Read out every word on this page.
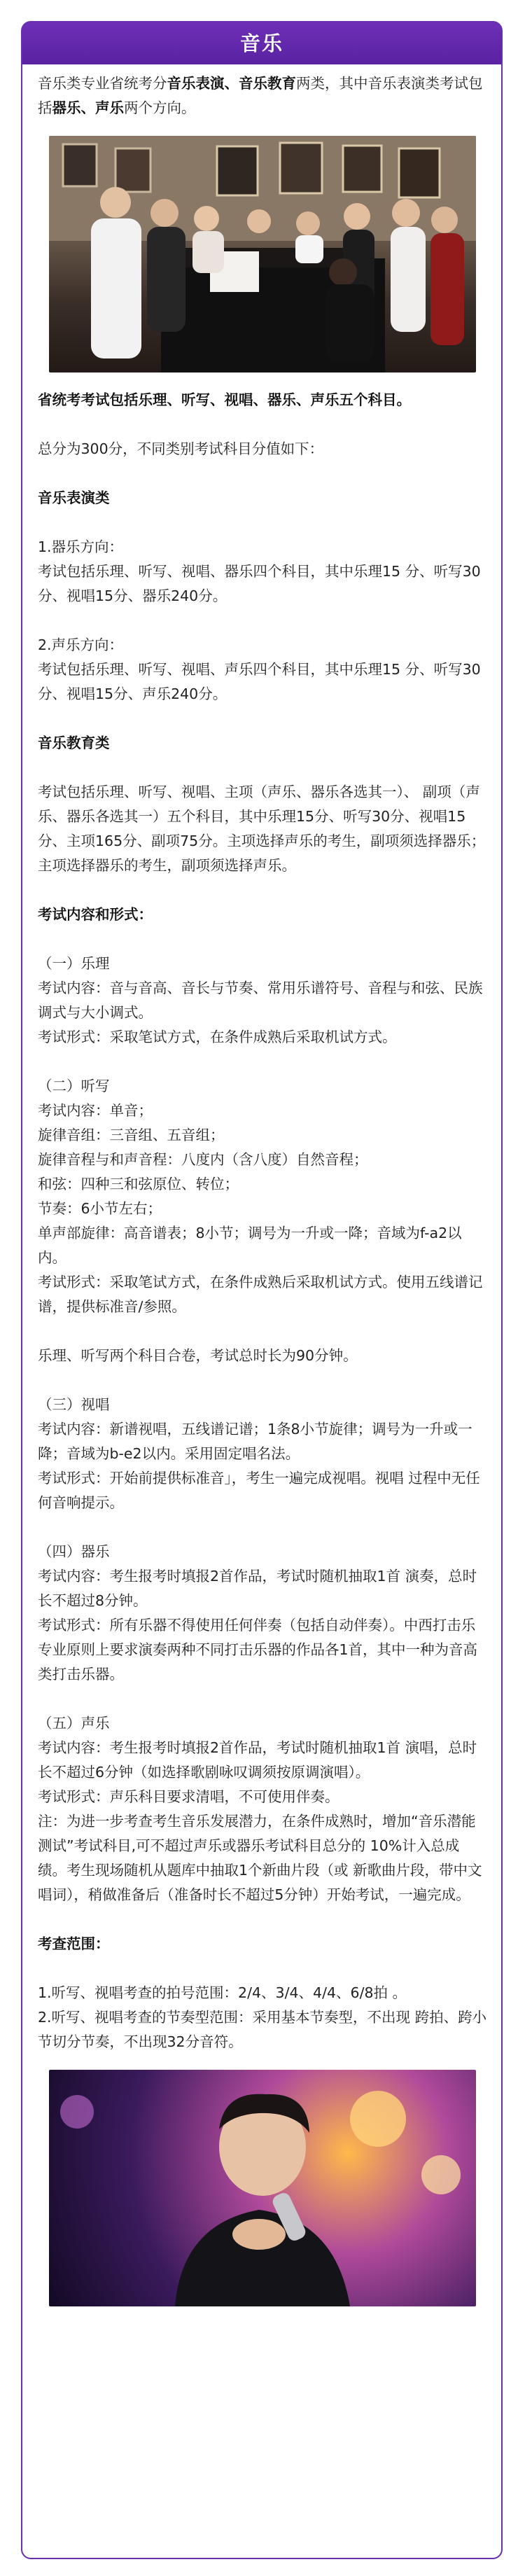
音乐

音乐类专业省统考分音乐表演、音乐教育两类，其中音乐表演类考试包括器乐、声乐两个方向。

省统考考试包括乐理、听写、视唱、器乐、声乐五个科目。

总分为300分，不同类别考试科目分值如下：

音乐表演类

1.器乐方向：

考试包括乐理、听写、视唱、器乐四个科目，其中乐理15 分、听写30分、视唱15分、器乐240分。

2.声乐方向：

考试包括乐理、听写、视唱、声乐四个科目，其中乐理15 分、听写30分、视唱15分、声乐240分。

音乐教育类

考试包括乐理、听写、视唱、主项（声乐、器乐各选其一）、 副项（声乐、器乐各选其一）五个科目，其中乐理15分、听写30分、视唱15分、主项165分、副项75分。主项选择声乐的考生，副项须选择器乐；主项选择器乐的考生，副项须选择声乐。

考试内容和形式：

（一）乐理

考试内容：音与音高、音长与节奏、常用乐谱符号、音程与和弦、民族调式与大小调式。

考试形式：采取笔试方式，在条件成熟后采取机试方式。

（二）听写

考试内容：单音；

旋律音组：三音组、五音组；

旋律音程与和声音程：八度内（含八度）自然音程；

和弦：四种三和弦原位、转位；

节奏：6小节左右；

单声部旋律：高音谱表；8小节；调号为一升或一降；音域为f-a2以内。

考试形式：采取笔试方式，在条件成熟后采取机试方式。使用五线谱记谱，提供标准音/参照。

乐理、听写两个科目合卷，考试总时长为90分钟。

（三）视唱

考试内容：新谱视唱，五线谱记谱；1条8小节旋律；调号为一升或一降；音域为b-e2以内。采用固定唱名法。

考试形式：开始前提供标准音」，考生一遍完成视唱。视唱 过程中无任何音响提示。

（四）器乐

考试内容：考生报考时填报2首作品，考试时随机抽取1首 演奏，总时长不超过8分钟。

考试形式：所有乐器不得使用任何伴奏（包括自动伴奏）。中西打击乐专业原则上要求演奏两种不同打击乐器的作品各1首，其中一种为音高类打击乐器。

（五）声乐

考试内容：考生报考时填报2首作品，考试时随机抽取1首 演唱，总时长不超过6分钟（如选择歌剧咏叹调须按原调演唱）。

考试形式：声乐科目要求清唱，不可使用伴奏。

注：为进一步考查考生音乐发展潜力，在条件成熟时，增加“音乐潜能测试”考试科目,可不超过声乐或器乐考试科目总分的 10%计入总成绩。考生现场随机从题库中抽取1个新曲片段（或 新歌曲片段，带中文唱词），稍做准备后（准备时长不超过5分钟）开始考试，一遍完成。

考查范围：

1.听写、视唱考查的拍号范围：2/4、3/4、4/4、6/8拍 。

2.听写、视唱考查的节奏型范围：采用基本节奏型，不出现 跨拍、跨小节切分节奏，不出现32分音符。
